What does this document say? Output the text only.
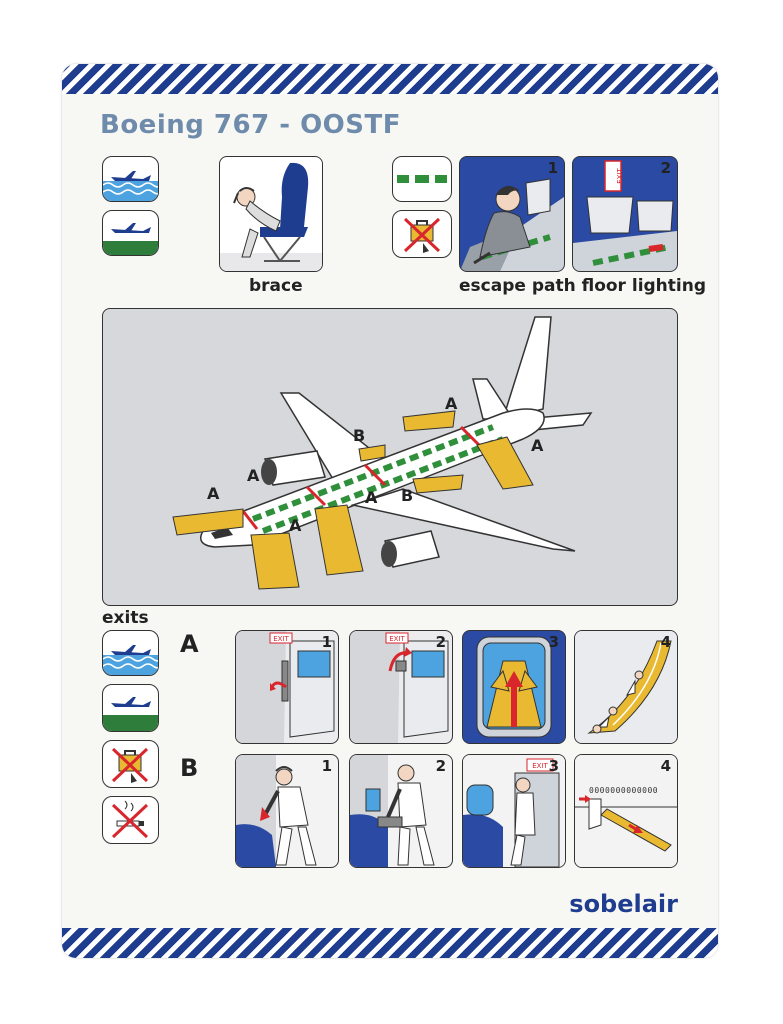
Boeing 767 - OOSTF
brace
1	EXIT 2
escape path floor lighting
A
A
A
A
B
B
A
A
exits
A
B
EXIT 1	EXIT 2	3	4
1	2	EXIT 3
0000000000000
4
sobelair
